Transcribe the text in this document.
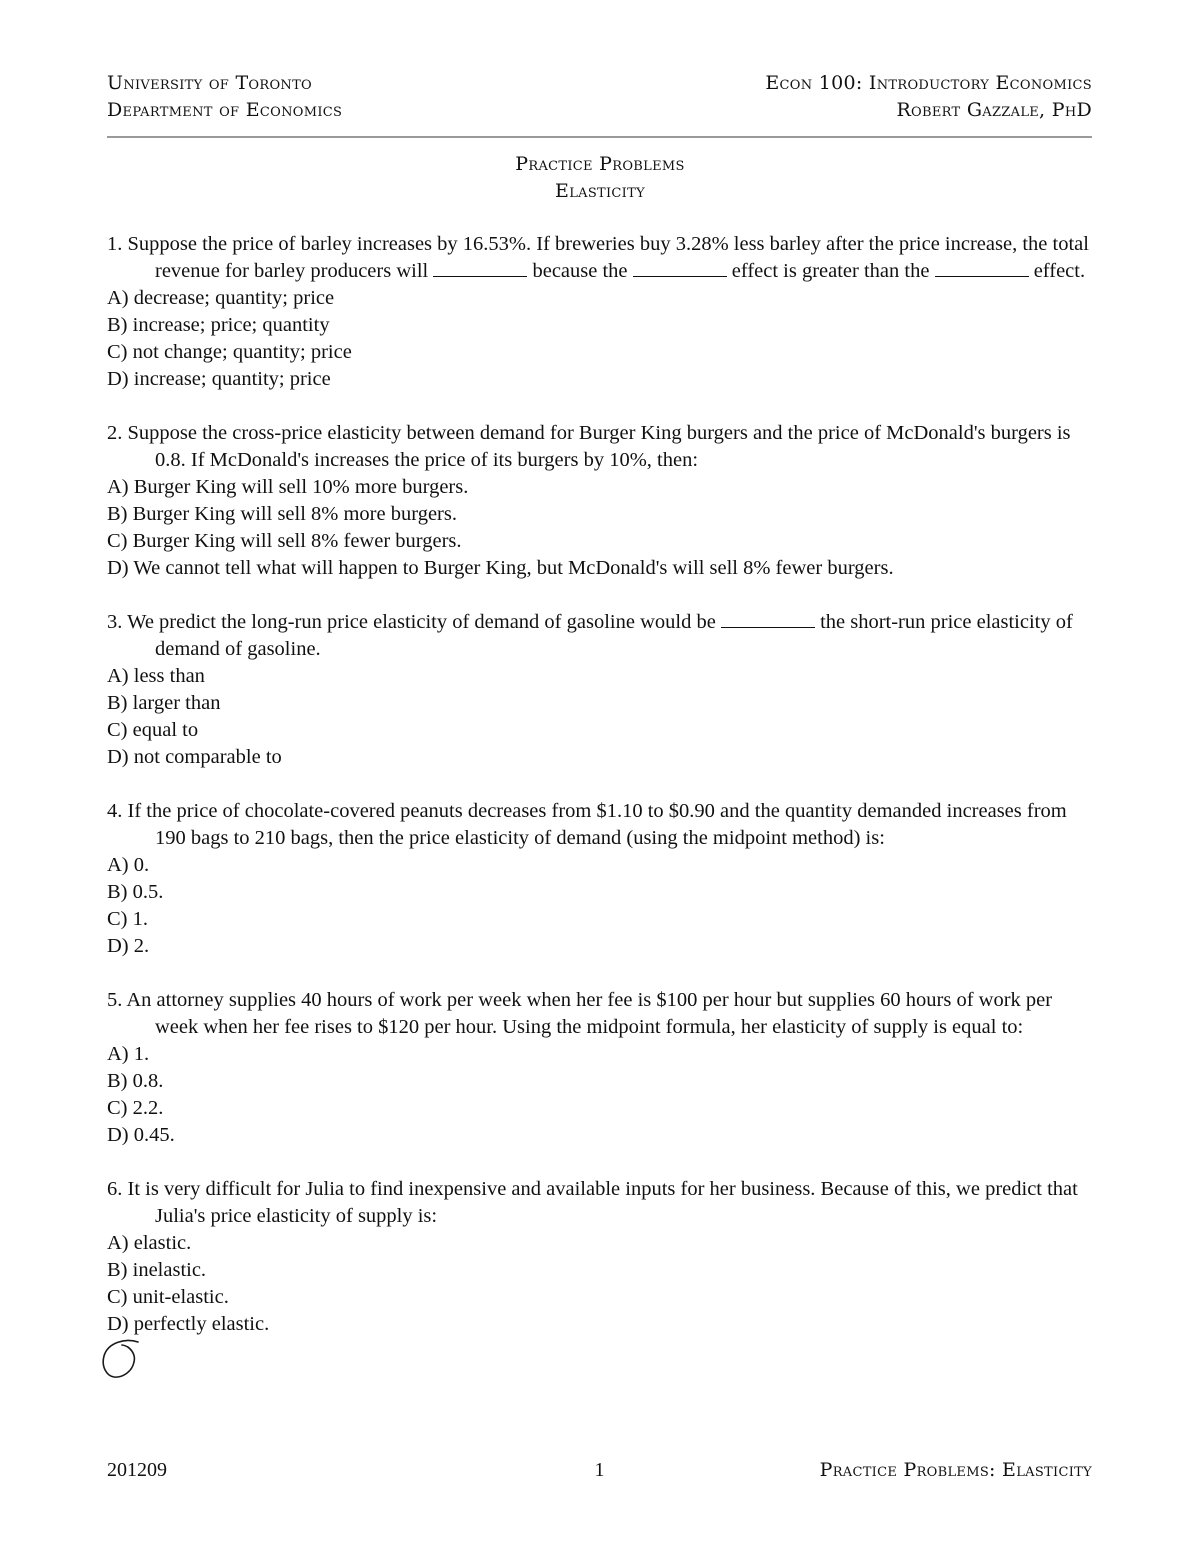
University of Toronto	Econ 100: Introductory Economics
Department of Economics	Robert Gazzale, PhD
Practice Problems
Elasticity
1. Suppose the price of barley increases by 16.53%. If breweries buy 3.28% less barley after the price increase, the total revenue for barley producers will	because the	effect is greater than the	effect.
A) decrease; quantity; price
B) increase; price; quantity
C) not change; quantity; price
D) increase; quantity; price
2. Suppose the cross-price elasticity between demand for Burger King burgers and the price of McDonald's burgers is 0.8. If McDonald's increases the price of its burgers by 10%, then:
A) Burger King will sell 10% more burgers.
B) Burger King will sell 8% more burgers.
C) Burger King will sell 8% fewer burgers.
D) We cannot tell what will happen to Burger King, but McDonald's will sell 8% fewer burgers.
3. We predict the long-run price elasticity of demand of gasoline would be	the short-run price elasticity of demand of gasoline.
A) less than
B) larger than
C) equal to
D) not comparable to
4. If the price of chocolate-covered peanuts decreases from $1.10 to $0.90 and the quantity demanded increases from 190 bags to 210 bags, then the price elasticity of demand (using the midpoint method) is:
A) 0.
B) 0.5.
C) 1.
D) 2.
5. An attorney supplies 40 hours of work per week when her fee is $100 per hour but supplies 60 hours of work per week when her fee rises to $120 per hour. Using the midpoint formula, her elasticity of supply is equal to:
A) 1.
B) 0.8.
C) 2.2.
D) 0.45.
6. It is very difficult for Julia to find inexpensive and available inputs for her business. Because of this, we predict that Julia's price elasticity of supply is:
A) elastic.
B) inelastic.
C) unit-elastic.
D) perfectly elastic.
201209	1	Practice Problems: Elasticity
